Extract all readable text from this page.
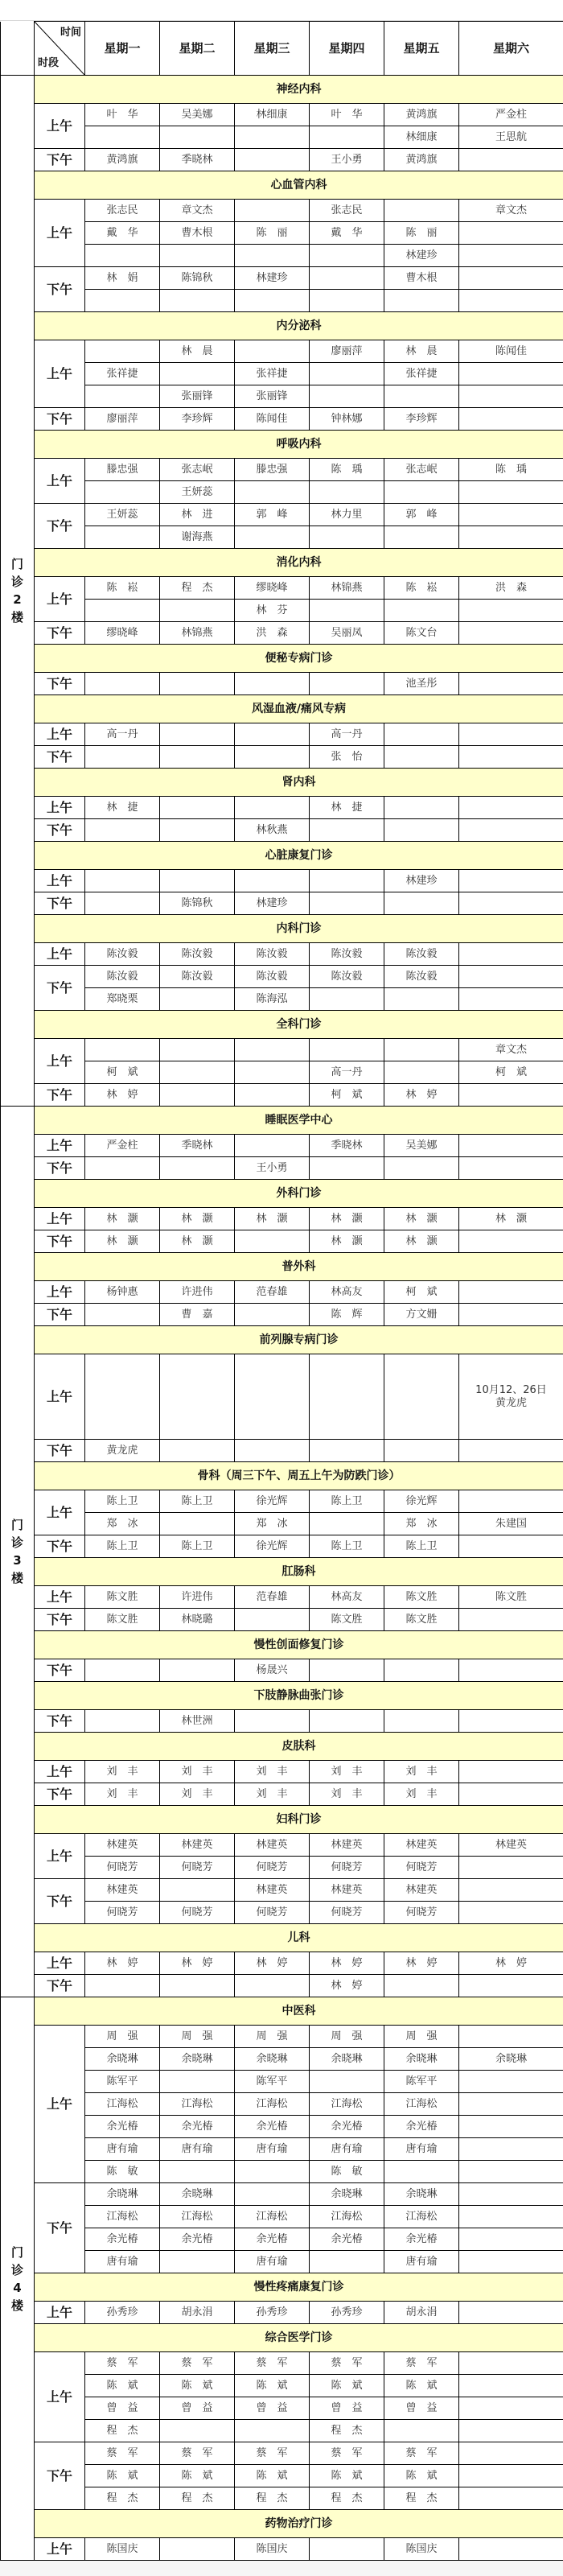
	时间

时段	星期一	星期二	星期三	星期四	星期五	星期六
门诊2楼	神经内科						
	上午	叶　华	吴美娜	林细康	叶　华	黄鸿旗	严金柱
						林细康	王思航
	下午	黄鸿旗	季晓林		王小勇	黄鸿旗	
	心血管内科						
	上午	张志民	章文杰		张志民		章文杰
		戴　华	曹木根	陈　丽	戴　华	陈　丽	
						林建珍	
	下午	林　娟	陈锦秋	林建珍		曹木根	

	内分泌科						
	上午		林　晨		廖丽萍	林　晨	陈闻佳
		张祥捷		张祥捷		张祥捷	
			张丽锋	张丽锋			
	下午	廖丽萍	李珍辉	陈闻佳	钟林娜	李珍辉	
	呼吸内科						
	上午	滕忠强	张志岷	滕忠强	陈　瑀	张志岷	陈　瑀
			王妍蕊				
	下午	王妍蕊	林　进	郭　峰	林力里	郭　峰	
			谢海燕				
	消化内科						
	上午	陈　崧	程　杰	缪晓峰	林锦燕	陈　崧	洪　森
				林　芬			
	下午	缪晓峰	林锦燕	洪　森	吴丽凤	陈文台	
	便秘专病门诊						
	下午					池圣彤	
	风湿血液/痛风专病						
	上午	高一丹			高一丹		
	下午				张　怡		
	肾内科						
	上午	林　捷			林　捷		
	下午			林秋燕			
	心脏康复门诊						
	上午					林建珍	
	下午		陈锦秋	林建珍			
	内科门诊						
	上午	陈汝毅	陈汝毅	陈汝毅	陈汝毅	陈汝毅	
	下午	陈汝毅	陈汝毅	陈汝毅	陈汝毅	陈汝毅	
		郑晓栗		陈海泓			
	全科门诊						
	上午						章文杰
		柯　斌			高一丹		柯　斌
	下午	林　婷			柯　斌	林　婷	
门诊3楼	睡眠医学中心						
	上午	严金柱	季晓林		季晓林	吴美娜	
	下午			王小勇			
	外科门诊						
	上午	林　灏	林　灏	林　灏	林　灏	林　灏	林　灏
	下午	林　灏	林　灏		林　灏	林　灏	
	普外科						
	上午	杨钟惠	许进伟	范春雄	林高友	柯　斌	
	下午		曹　嘉		陈　辉	方文姗	
	前列腺专病门诊						
	上午						10月12、26日
黄龙虎
	下午	黄龙虎					
	骨科（周三下午、周五上午为防跌门诊）						
	上午	陈上卫	陈上卫	徐光辉	陈上卫	徐光辉	
		郑　冰		郑　冰		郑　冰	朱建国
	下午	陈上卫	陈上卫	徐光辉	陈上卫	陈上卫	
	肛肠科						
	上午	陈文胜	许进伟	范春雄	林高友	陈文胜	陈文胜
	下午	陈文胜	林晓璐		陈文胜	陈文胜	
	慢性创面修复门诊						
	下午			杨晟兴			
	下肢静脉曲张门诊						
	下午		林世洲				
	皮肤科						
	上午	刘　丰	刘　丰	刘　丰	刘　丰	刘　丰	
	下午	刘　丰	刘　丰	刘　丰	刘　丰	刘　丰	
	妇科门诊						
	上午	林建英	林建英	林建英	林建英	林建英	林建英
		何晓芳	何晓芳	何晓芳	何晓芳	何晓芳	
	下午	林建英		林建英	林建英	林建英	
		何晓芳	何晓芳	何晓芳	何晓芳	何晓芳	
	儿科						
	上午	林　婷	林　婷	林　婷	林　婷	林　婷	林　婷
	下午				林　婷		
门诊4楼	中医科						
	上午	周　强	周　强	周　强	周　强	周　强	
		余晓琳	余晓琳	余晓琳	余晓琳	余晓琳	余晓琳
		陈军平		陈军平		陈军平	
		江海松	江海松	江海松	江海松	江海松	
		余光椿	余光椿	余光椿	余光椿	余光椿	
		唐有瑜	唐有瑜	唐有瑜	唐有瑜	唐有瑜	
		陈　敏			陈　敏		
	下午	余晓琳	余晓琳		余晓琳	余晓琳	
		江海松	江海松	江海松	江海松	江海松	
		余光椿	余光椿	余光椿	余光椿	余光椿	
		唐有瑜		唐有瑜		唐有瑜	
	慢性疼痛康复门诊						
	上午	孙秀珍	胡永涓	孙秀珍	孙秀珍	胡永涓	
	综合医学门诊						
	上午	蔡　军	蔡　军	蔡　军	蔡　军	蔡　军	
		陈　斌	陈　斌	陈　斌	陈　斌	陈　斌	
		曾　益	曾　益	曾　益	曾　益	曾　益	
		程　杰			程　杰		
	下午	蔡　军	蔡　军	蔡　军	蔡　军	蔡　军	
		陈　斌	陈　斌	陈　斌	陈　斌	陈　斌	
		程　杰	程　杰	程　杰	程　杰	程　杰	
	药物治疗门诊						
	上午	陈国庆		陈国庆		陈国庆	
